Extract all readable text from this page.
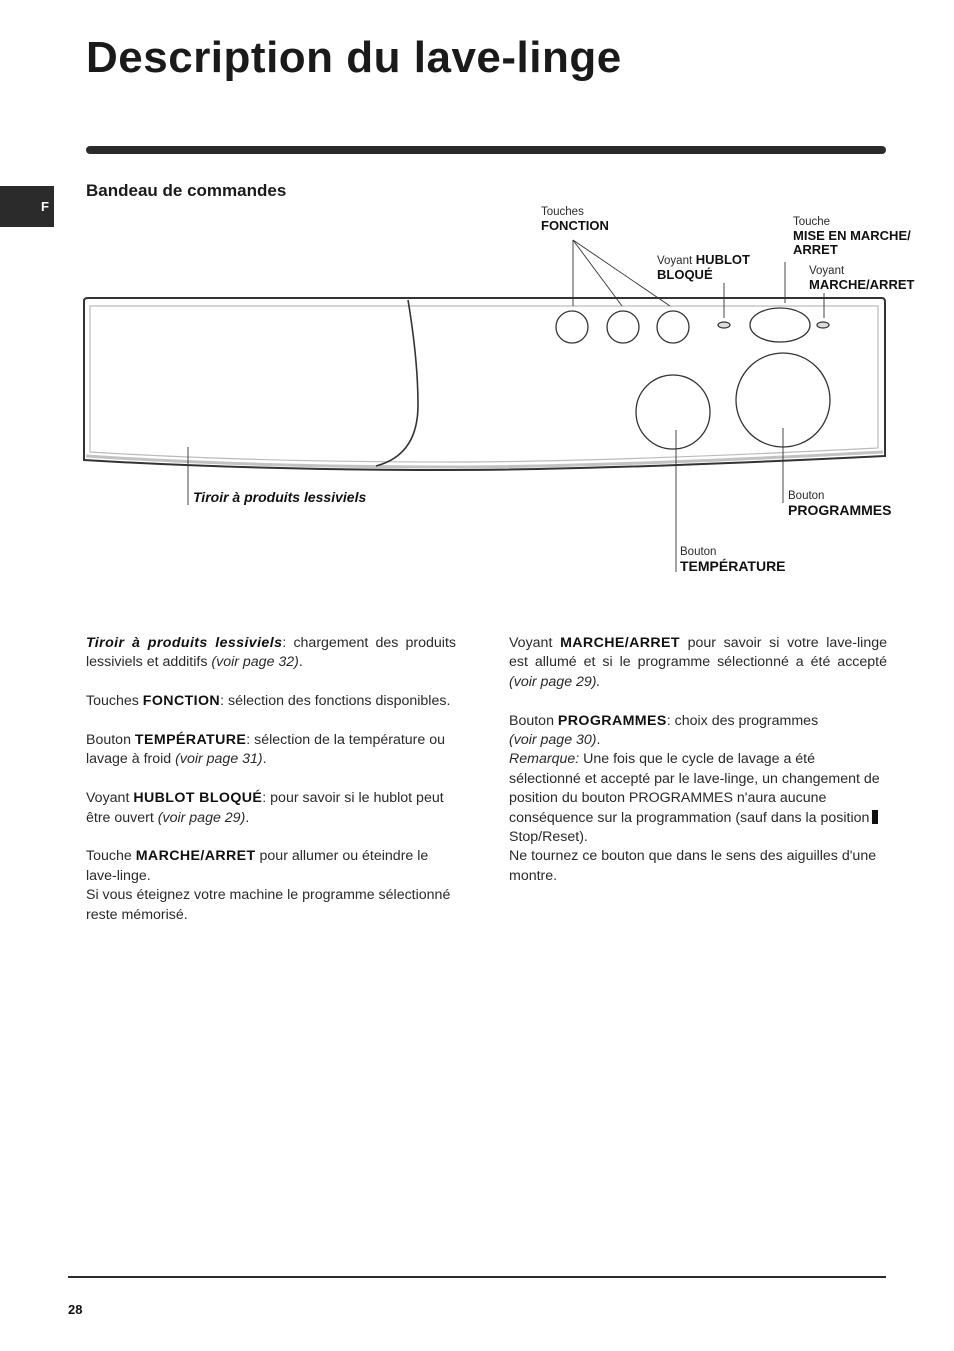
Description du lave-linge
F
Bandeau de commandes
Touches
FONCTION
Voyant HUBLOT
BLOQUÉ
Touche
MISE EN MARCHE/
ARRET
Voyant
MARCHE/ARRET
Tiroir à produits lessiviels	Bouton
PROGRAMMES
Bouton
TEMPÉRATURE

Tiroir à produits lessiviels: chargement des produits lessiviels et additifs (voir page 32).

Touches FONCTION: sélection des fonctions disponibles.

Bouton TEMPÉRATURE: sélection de la température ou lavage à froid (voir page 31).

Voyant HUBLOT BLOQUÉ: pour savoir si le hublot peut être ouvert (voir page 29).

Touche MARCHE/ARRET pour allumer ou éteindre le lave-linge.
Si vous éteignez votre machine le programme sélectionné reste mémorisé.

Voyant MARCHE/ARRET pour savoir si votre lave-linge est allumé et si le programme sélectionné a été accepté (voir page 29).

Bouton PROGRAMMES: choix des programmes
(voir page 30).
Remarque: Une fois que le cycle de lavage a été sélectionné et accepté par le lave-linge, un changement de position du bouton PROGRAMMES n'aura aucune conséquence sur la programmation (sauf dans la positionStop/Reset).
Ne tournez ce bouton que dans le sens des aiguilles d'une montre.

28
